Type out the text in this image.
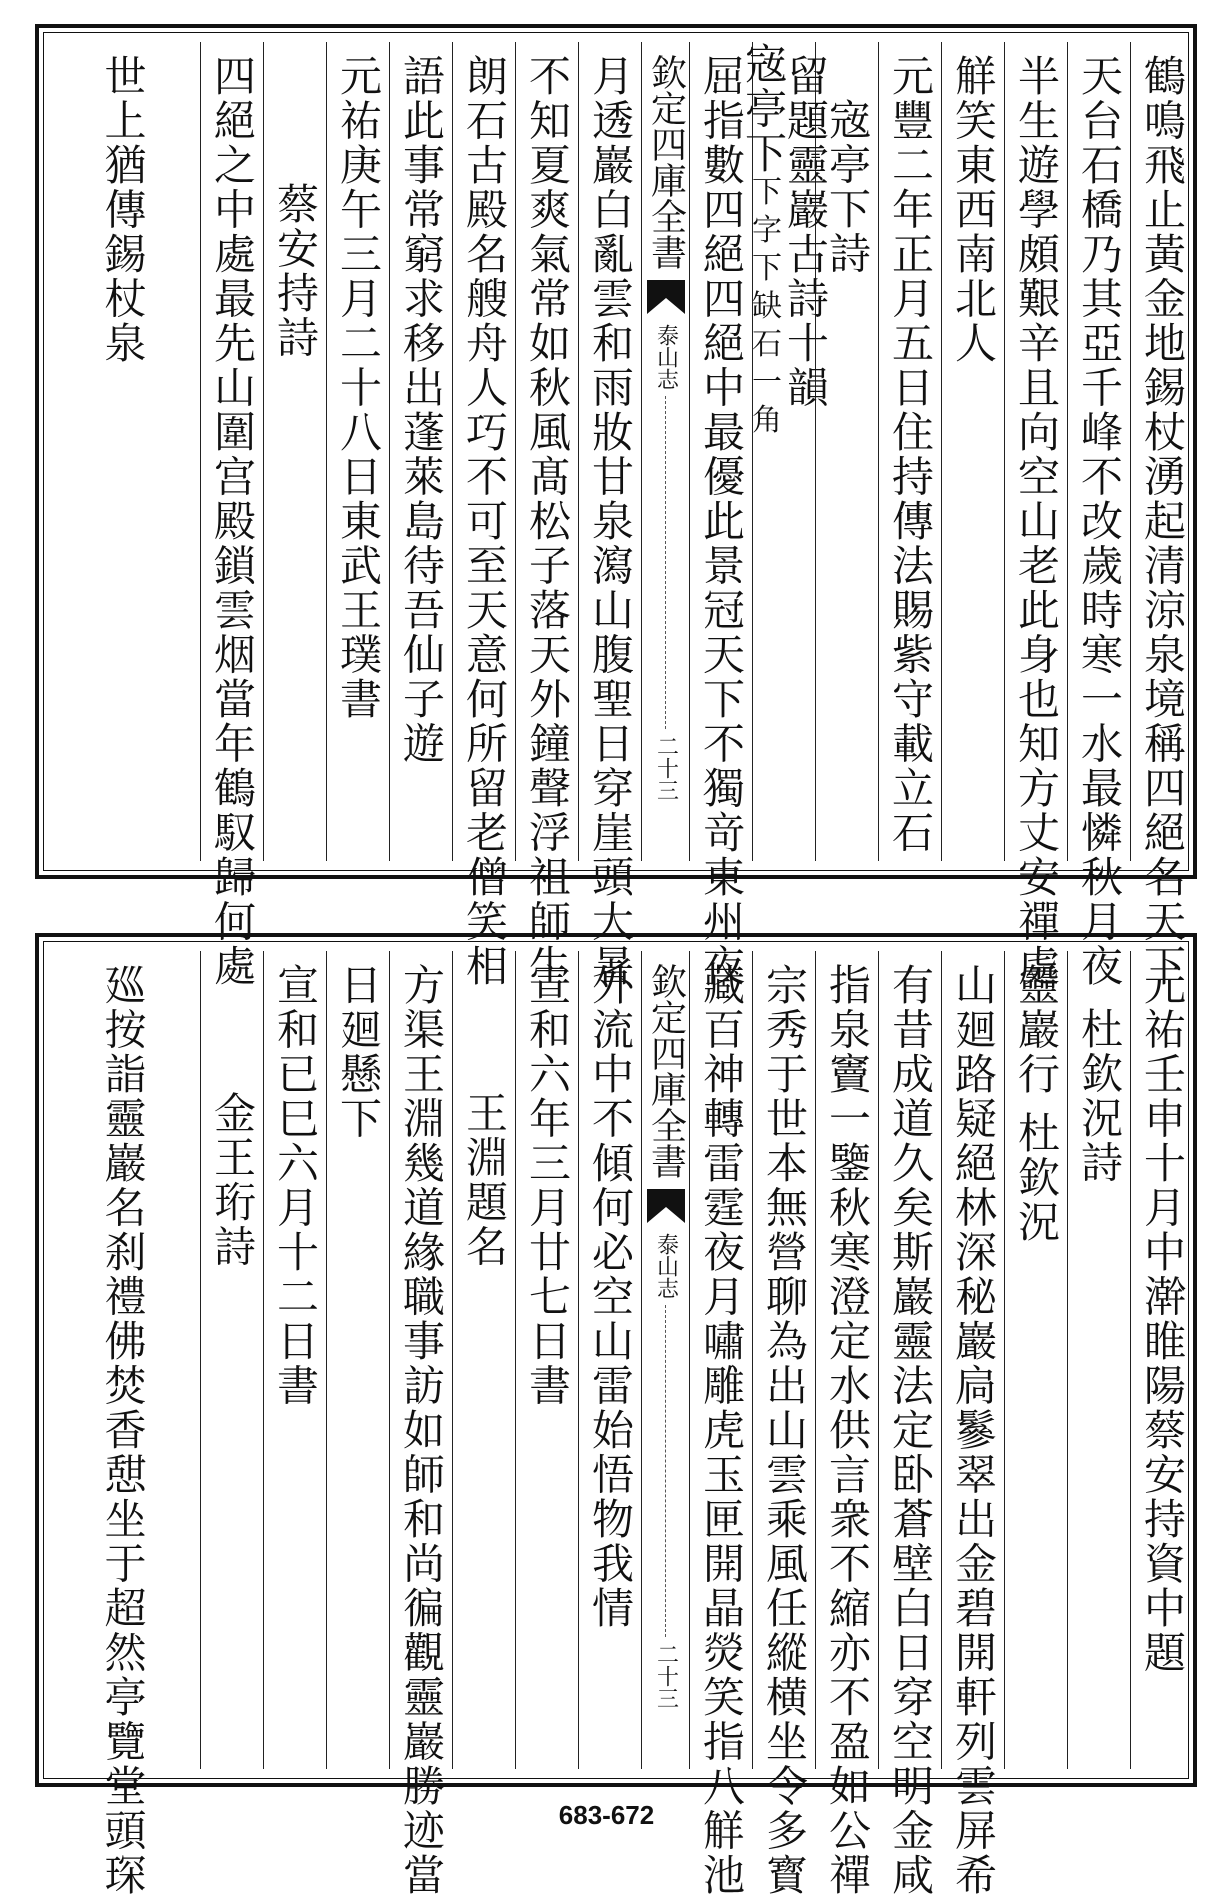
鶴鳴飛止黃金地錫杖湧起清涼泉境稱四絕名天下
天台石橋乃其亞千峰不改歲時寒一水最憐秋月夜
半生遊學頗艱辛且向空山老此身也知方丈安禪處
觧笑東西南北人
元豐二年正月五日住持傳法賜紫守載立石
宼亭下詩
留題靈巖古詩十韻
宼亭下下字下缺石一角
屈指數四絕四絕中最優此景冠天下不獨竒東州夜
欽定四庫全書
泰山志
二十三
月透巖白亂雲和雨妝甘泉瀉山腹聖日穿崖頭大暑
不知夏爽氣常如秋風髙松子落天外鐘聲浮祖師生
朗石古殿名艘舟人巧不可至天意何所留老僧笑相
語此事常窮求移出蓬萊島待吾仙子遊
元祐庚午三月二十八日東武王璞書
蔡安持詩
四絕之中處最先山圍宫殿鎖雲烟當年鶴馭歸何處
世上猶傳錫杖泉
元祐壬申十月中澣睢陽蔡安持資中題
杜欽況詩
靈巖行杜欽況
山廻路疑絕林深秘巖扃鬖翠出金碧開軒列雲屏希
有昔成道久矣斯巖靈法定卧蒼壁白日穿空明金咸
指泉竇一鑒秋寒澄定水供言衆不縮亦不盈如公禪
宗秀于世本無營聊為出山雲乘風任縱横坐令多寳
藏百神轉雷霆夜月嘯雕虎玉匣開晶熒笑指八觧池
欽定四庫全書
泰山志
二十三
外流中不傾何必空山雷始悟物我情
宣和六年三月廿七日書
王淵題名
方渠王淵幾道緣職事訪如師和尚徧觀靈巖勝迹當
日廻懸下
宣和已巳六月十二日書
金王珩詩
廵按詣靈巖名刹禮佛焚香憇坐于超然亭覽堂頭琛	683-672
